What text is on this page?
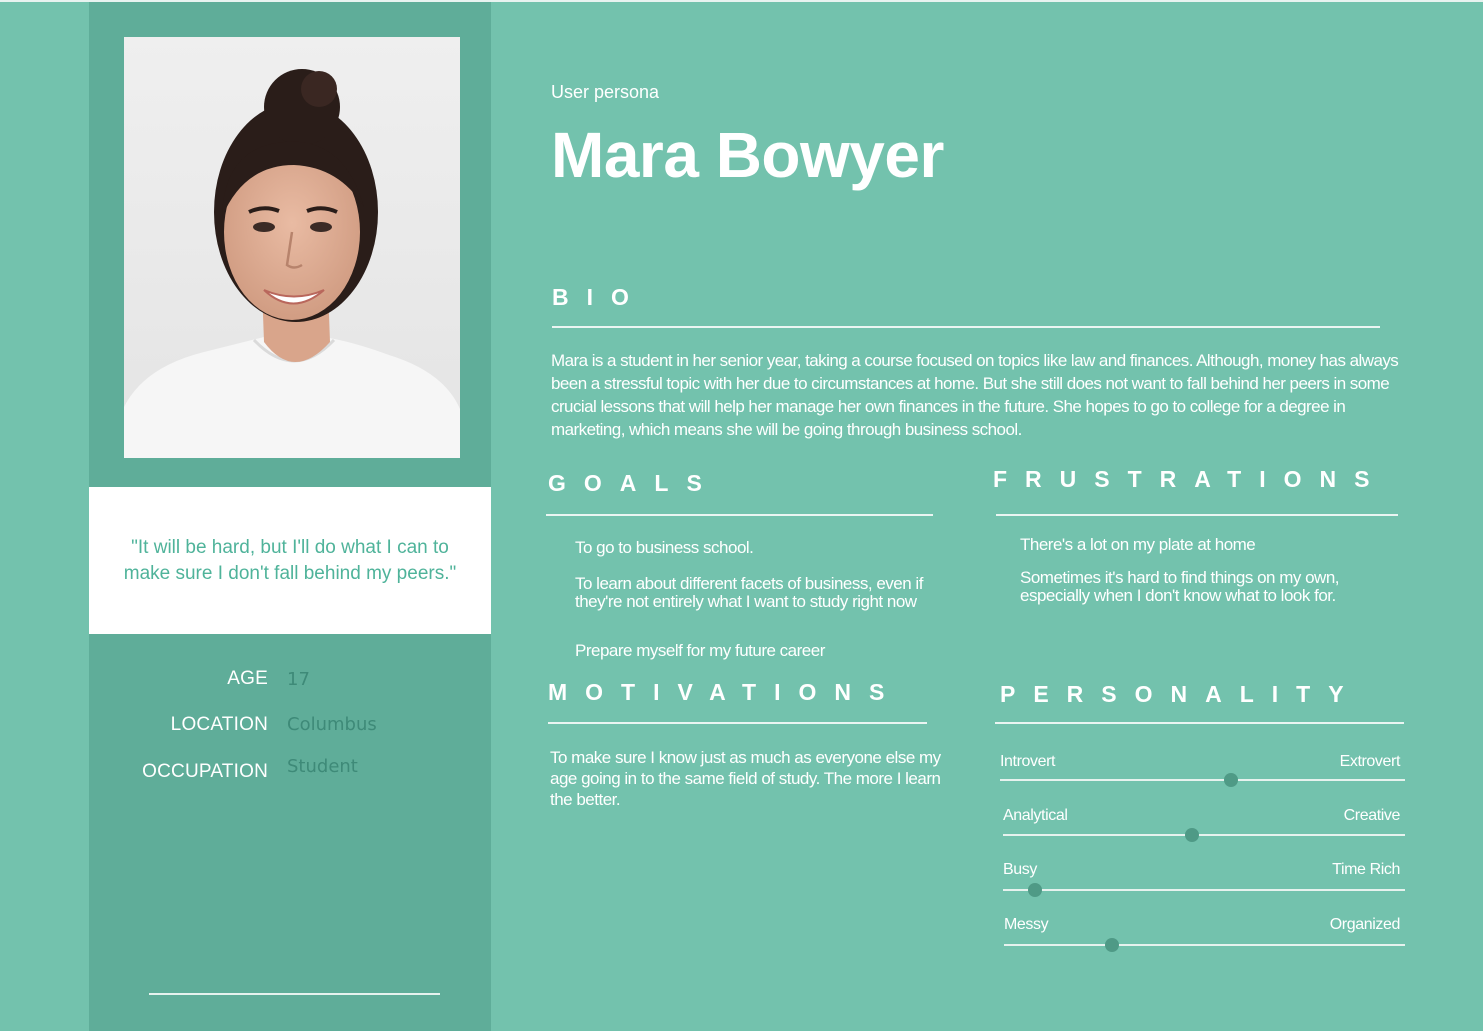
"It will be hard, but I'll do what I can to make sure I don't fall behind my peers."
AGE 17
LOCATION Columbus
OCCUPATION Student
User persona
Mara Bowyer
BIO
Mara is a student in her senior year, taking a course focused on topics like law and finances. Although, money has always been a stressful topic with her due to circumstances at home. But she still does not want to fall behind her peers in some crucial lessons that will help her manage her own finances in the future. She hopes to go to college for a degree in marketing, which means she will be going through business school.
GOALS
To go to business school.
To learn about different facets of business, even if they're not entirely what I want to study right now
Prepare myself for my future career
FRUSTRATIONS
There's a lot on my plate at home
Sometimes it's hard to find things on my own, especially when I don't know what to look for.
MOTIVATIONS
To make sure I know just as much as everyone else my age going in to the same field of study. The more I learn the better.
PERSONALITY
Introvert	Extrovert
Analytical	Creative
Busy	Time Rich
Messy	Organized
